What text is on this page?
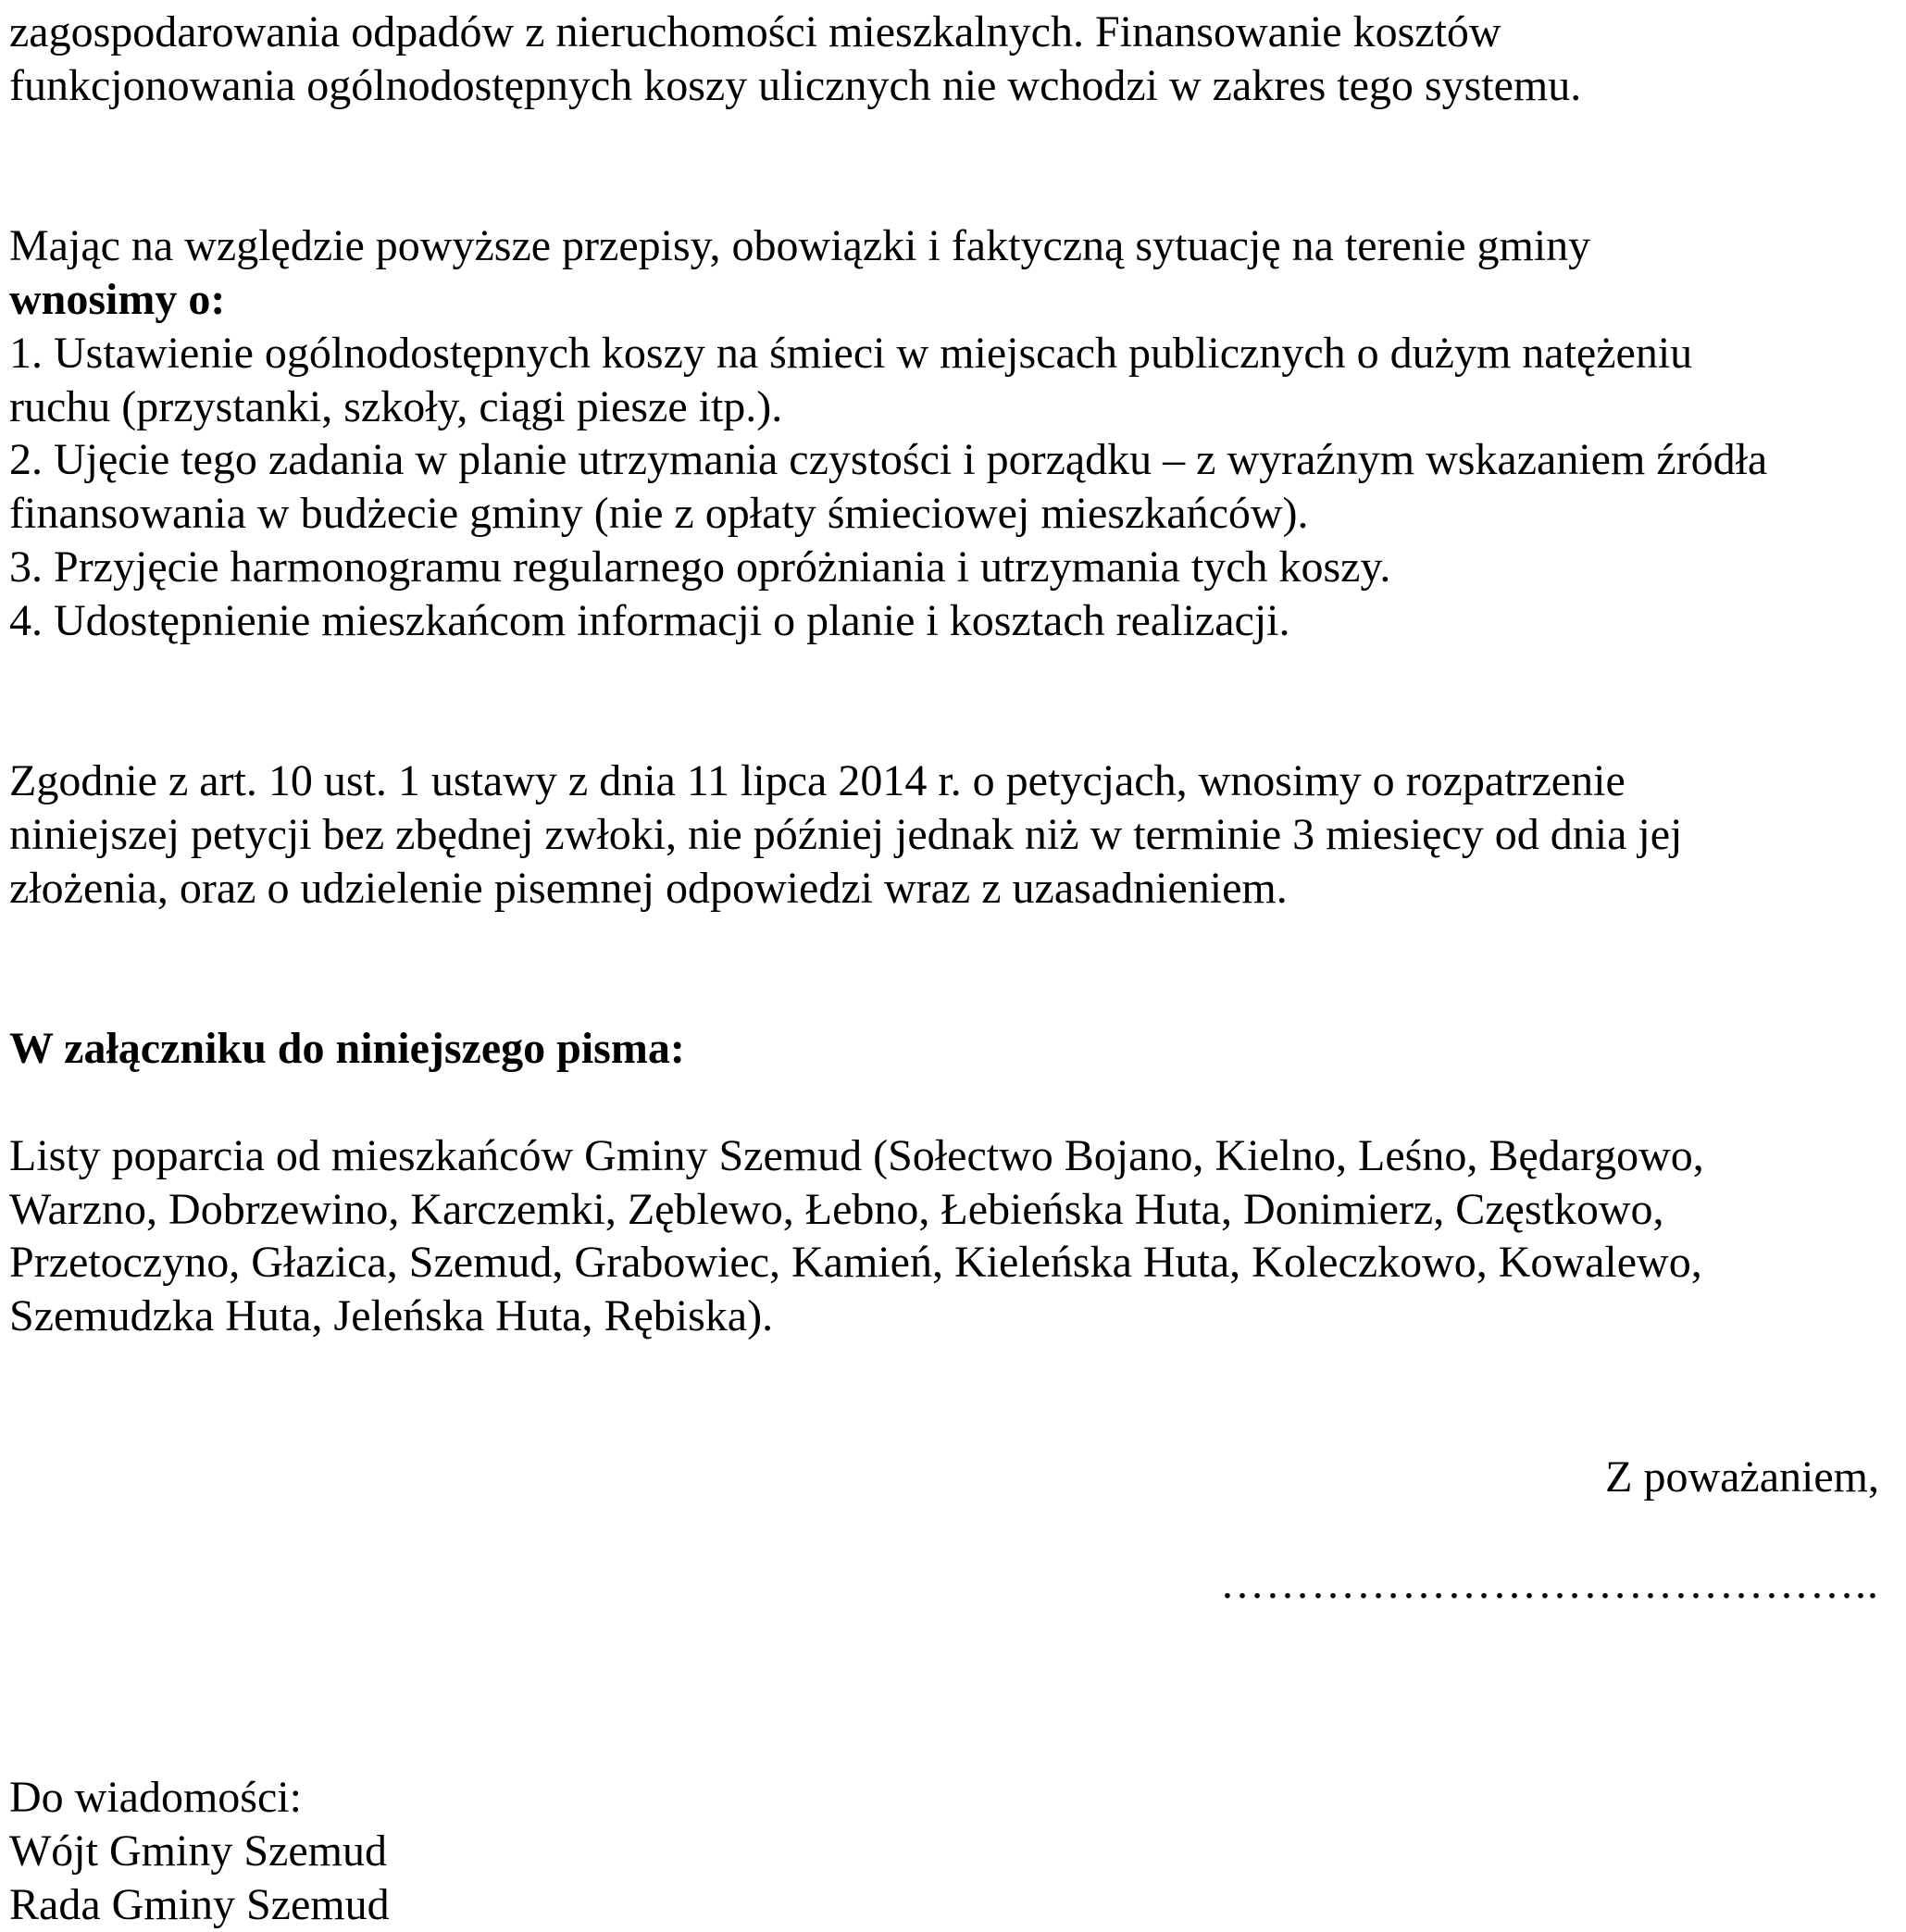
zagospodarowania odpadów z nieruchomości mieszkalnych. Finansowanie kosztów
funkcjonowania ogólnodostępnych koszy ulicznych nie wchodzi w zakres tego systemu.
Mając na względzie powyższe przepisy, obowiązki i faktyczną sytuację na terenie gminy
wnosimy o:
1. Ustawienie ogólnodostępnych koszy na śmieci w miejscach publicznych o dużym natężeniu
ruchu (przystanki, szkoły, ciągi piesze itp.).
2. Ujęcie tego zadania w planie utrzymania czystości i porządku – z wyraźnym wskazaniem źródła
finansowania w budżecie gminy (nie z opłaty śmieciowej mieszkańców).
3. Przyjęcie harmonogramu regularnego opróżniania i utrzymania tych koszy.
4. Udostępnienie mieszkańcom informacji o planie i kosztach realizacji.
Zgodnie z art. 10 ust. 1 ustawy z dnia 11 lipca 2014 r. o petycjach, wnosimy o rozpatrzenie
niniejszej petycji bez zbędnej zwłoki, nie później jednak niż w terminie 3 miesięcy od dnia jej
złożenia, oraz o udzielenie pisemnej odpowiedzi wraz z uzasadnieniem.
W załączniku do niniejszego pisma:
Listy poparcia od mieszkańców Gminy Szemud (Sołectwo Bojano, Kielno, Leśno, Będargowo,
Warzno, Dobrzewino, Karczemki, Zęblewo, Łebno, Łebieńska Huta, Donimierz, Częstkowo,
Przetoczyno, Głazica, Szemud, Grabowiec, Kamień, Kieleńska Huta, Koleczkowo, Kowalewo,
Szemudzka Huta, Jeleńska Huta, Rębiska).
Z poważaniem,
……………………………………..
Do wiadomości:
Wójt Gminy Szemud
Rada Gminy Szemud
